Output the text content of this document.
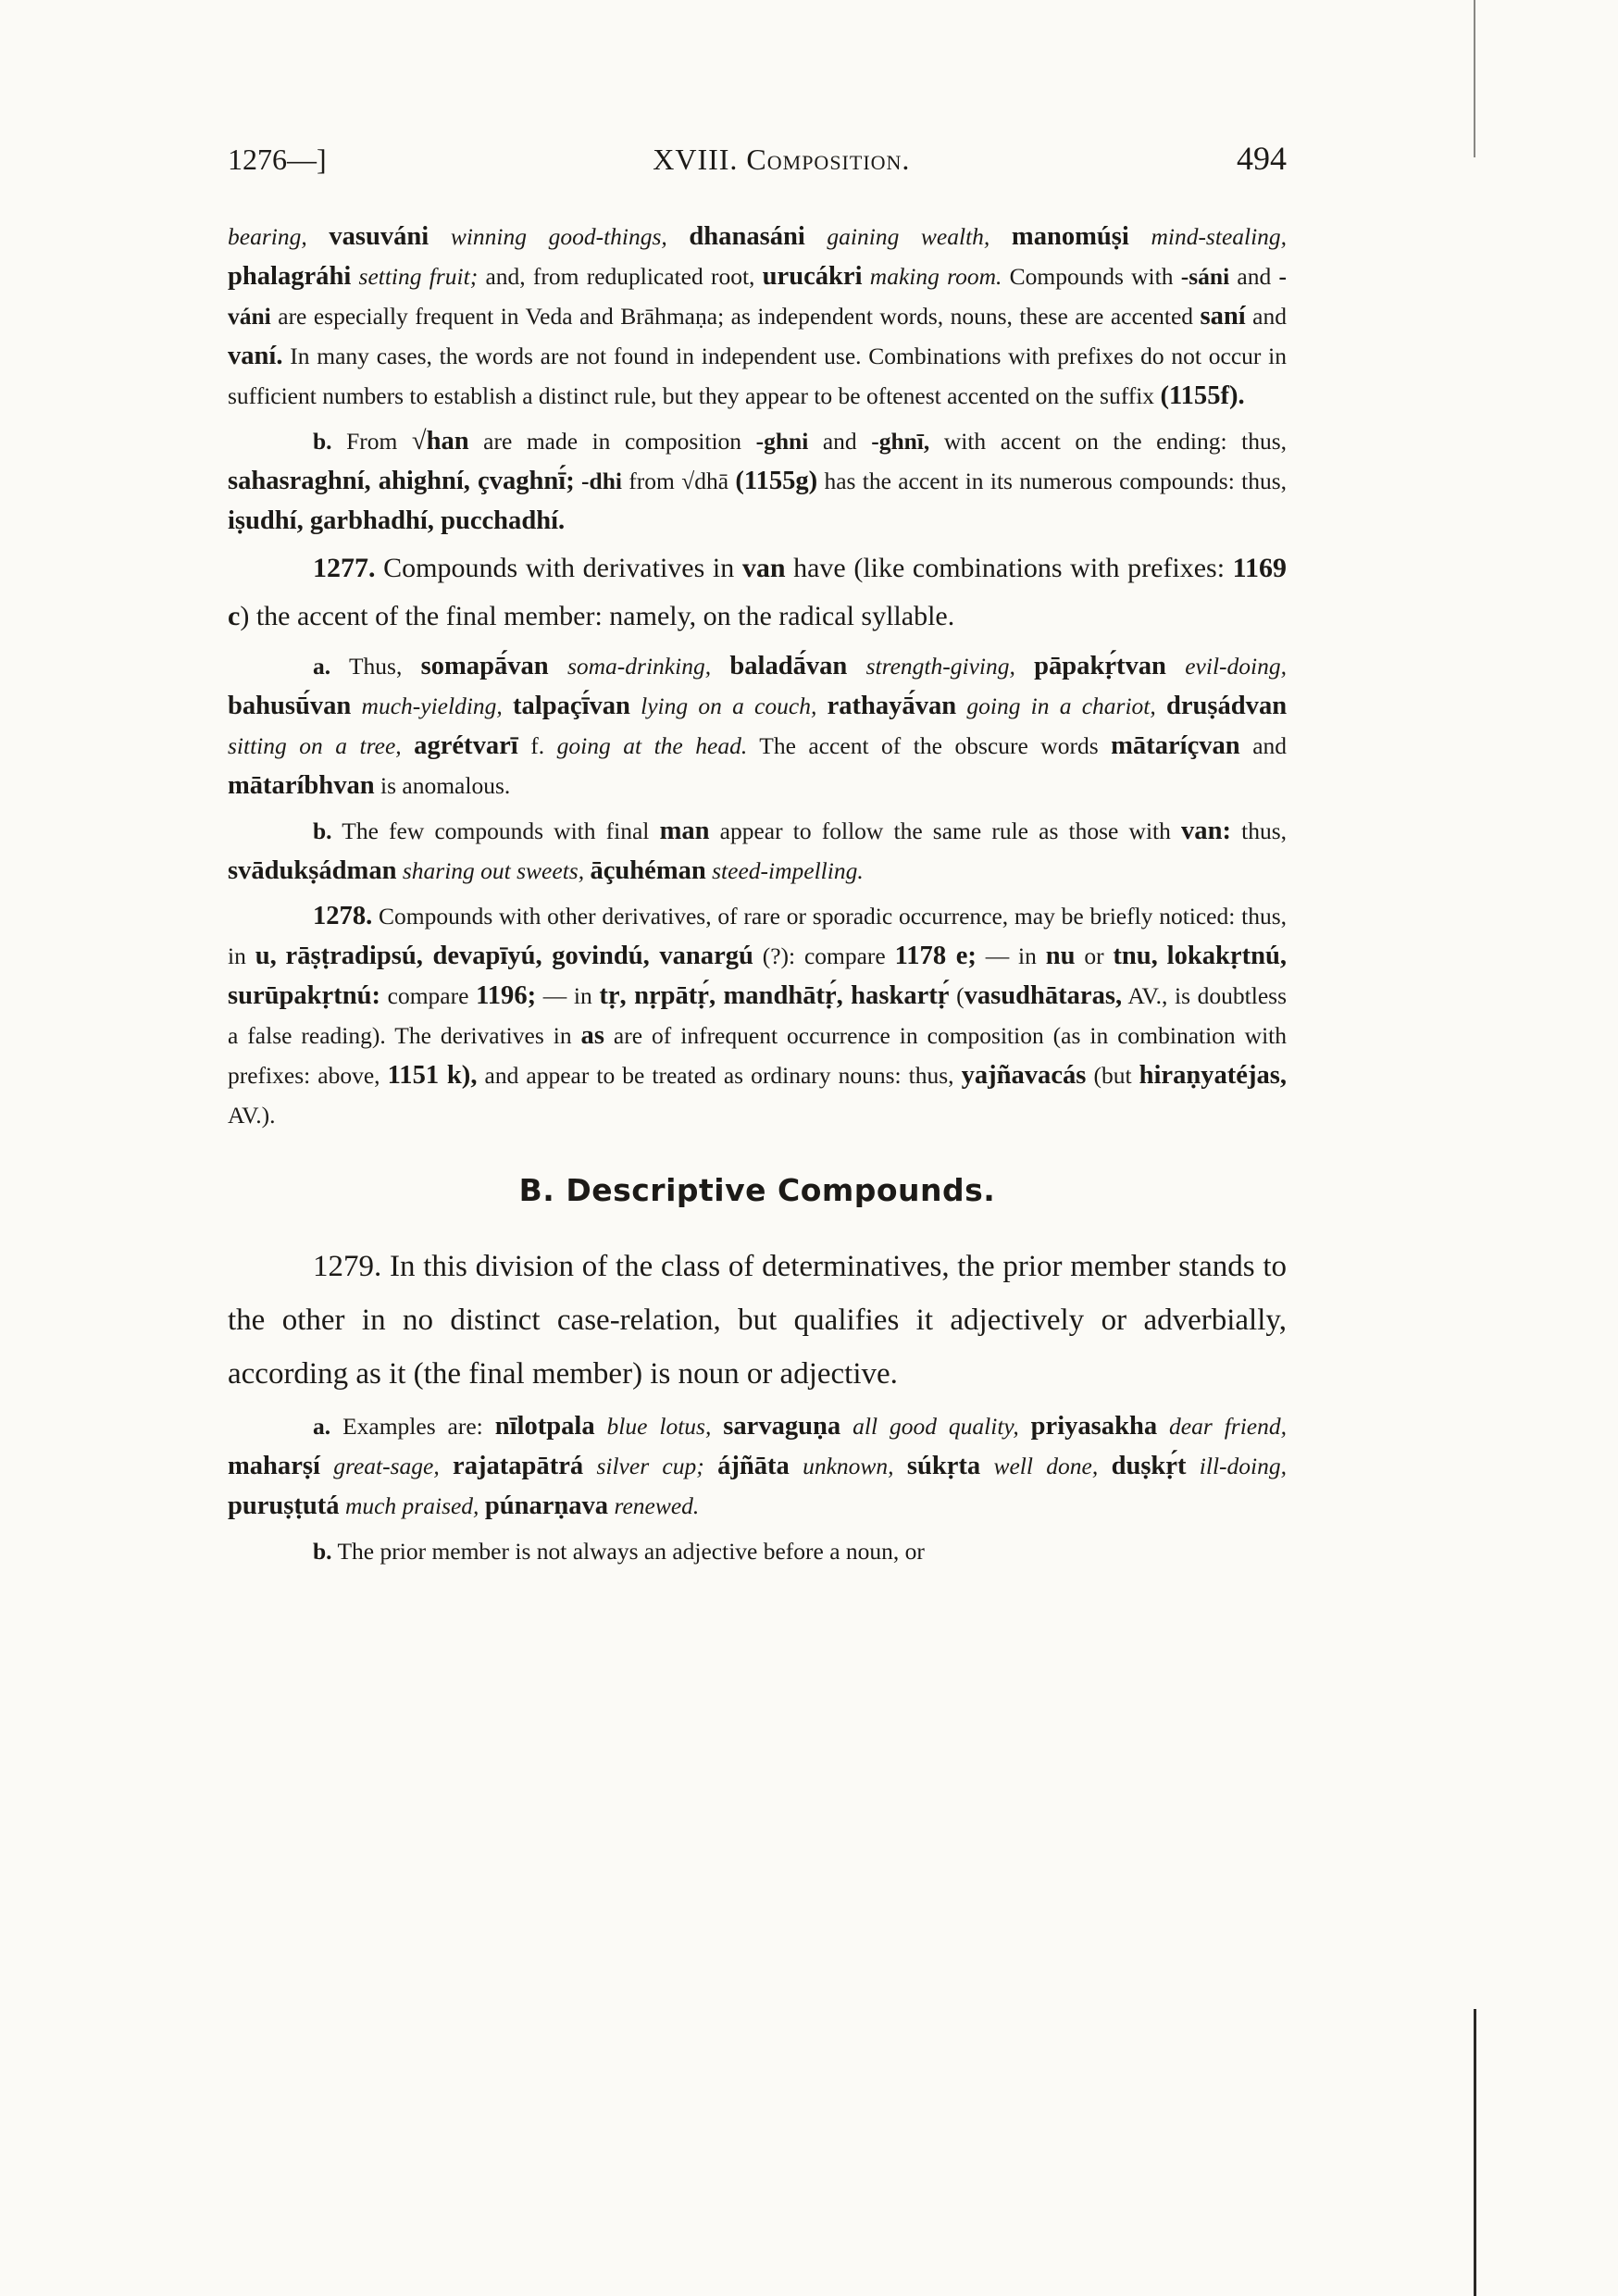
1276—]	XVIII. Composition.	494

bearing, vasuváni winning good-things, dhanasáni gaining wealth, manomúṣi mind-stealing, phalagráhi setting fruit; and, from reduplicated root, urucákri making room. Compounds with -sáni and -váni are especially frequent in Veda and Brāhmaṇa; as independent words, nouns, these are accented saní and vaní. In many cases, the words are not found in independent use. Combinations with prefixes do not occur in sufficient numbers to establish a distinct rule, but they appear to be oftenest accented on the suffix (1155f).

b. From √han are made in composition -ghni and -ghnī, with accent on the ending: thus, sahasraghní, ahighní, çvaghnī́; -dhi from √dhā (1155g) has the accent in its numerous compounds: thus, iṣudhí, garbhadhí, pucchadhí.

1277. Compounds with derivatives in van have (like combinations with prefixes: 1169 c) the accent of the final member: namely, on the radical syllable.

a. Thus, somapā́van soma-drinking, baladā́van strength-giving, pāpakṛ́tvan evil-doing, bahusū́van much-yielding, talpaçī́van lying on a couch, rathayā́van going in a chariot, druṣádvan sitting on a tree, agrétvarī f. going at the head. The accent of the obscure words mātaríçvan and mātaríbhvan is anomalous.

b. The few compounds with final man appear to follow the same rule as those with van: thus, svādukṣádman sharing out sweets, āçuhéman steed-impelling.

1278. Compounds with other derivatives, of rare or sporadic occurrence, may be briefly noticed: thus, in u, rāṣṭradipsú, devapīyú, govindú, vanargú (?): compare 1178 e; — in nu or tnu, lokakṛtnú, surūpakṛtnú: compare 1196; — in tṛ, nṛpātṛ́, mandhātṛ́, haskartṛ́ (vasudhātaras, AV., is doubtless a false reading). The derivatives in as are of infrequent occurrence in composition (as in combination with prefixes: above, 1151 k), and appear to be treated as ordinary nouns: thus, yajñavacás (but hiraṇyatéjas, AV.).

B. Descriptive Compounds.

1279. In this division of the class of determinatives, the prior member stands to the other in no distinct case-relation, but qualifies it adjectively or adverbially, according as it (the final member) is noun or adjective.

a. Examples are: nīlotpala blue lotus, sarvaguṇa all good quality, priyasakha dear friend, maharṣí great-sage, rajatapātrá silver cup; ájñāta unknown, súkṛta well done, duṣkṛ́t ill-doing, puruṣṭutá much praised, púnarṇava renewed.

b. The prior member is not always an adjective before a noun, or
